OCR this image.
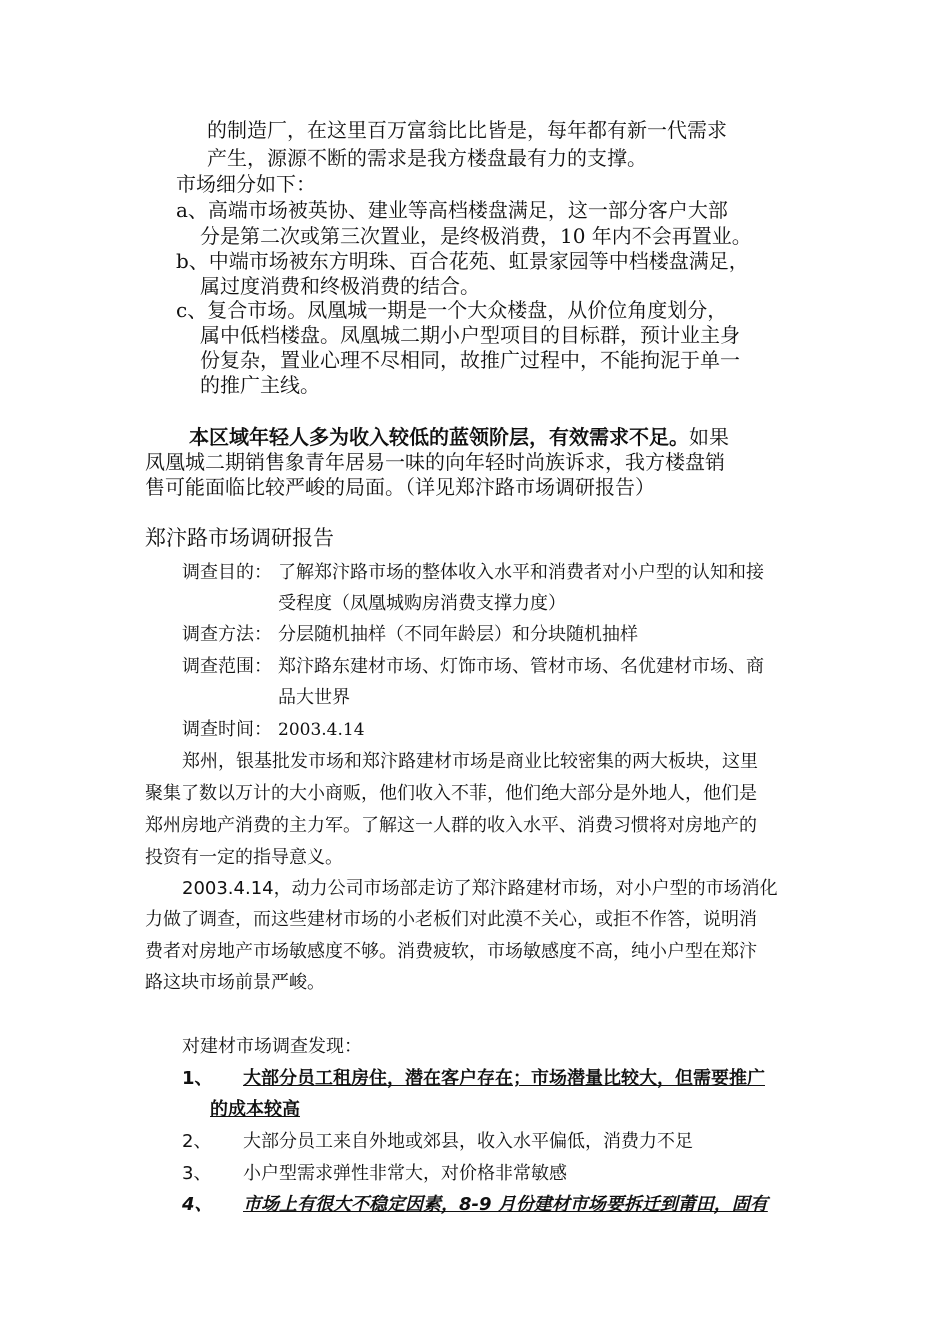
的制造厂，在这里百万富翁比比皆是，每年都有新一代需求
产生，源源不断的需求是我方楼盘最有力的支撑。
市场细分如下：
a、高端市场被英协、建业等高档楼盘满足，这一部分客户大部
分是第二次或第三次置业，是终极消费，10 年内不会再置业。
b、中端市场被东方明珠、百合花苑、虹景家园等中档楼盘满足，
属过度消费和终极消费的结合。
c、复合市场。凤凰城一期是一个大众楼盘，从价位角度划分，
属中低档楼盘。凤凰城二期小户型项目的目标群，预计业主身
份复杂，置业心理不尽相同，故推广过程中，不能拘泥于单一
的推广主线。
本区域年轻人多为收入较低的蓝领阶层，有效需求不足。如果
凤凰城二期销售象青年居易一味的向年轻时尚族诉求，我方楼盘销
售可能面临比较严峻的局面。（详见郑汴路市场调研报告）
郑汴路市场调研报告
调查目的： 了解郑汴路市场的整体收入水平和消费者对小户型的认知和接
受程度（凤凰城购房消费支撑力度）
调查方法： 分层随机抽样（不同年龄层）和分块随机抽样
调查范围： 郑汴路东建材市场、灯饰市场、管材市场、名优建材市场、商
品大世界
调查时间： 2003.4.14
郑州，银基批发市场和郑汴路建材市场是商业比较密集的两大板块，这里
聚集了数以万计的大小商贩，他们收入不菲，他们绝大部分是外地人，他们是
郑州房地产消费的主力军。了解这一人群的收入水平、消费习惯将对房地产的
投资有一定的指导意义。
2003.4.14，动力公司市场部走访了郑汴路建材市场，对小户型的市场消化
力做了调查，而这些建材市场的小老板们对此漠不关心，或拒不作答，说明消
费者对房地产市场敏感度不够。消费疲软，市场敏感度不高，纯小户型在郑汴
路这块市场前景严峻。
对建材市场调查发现：
1、 大部分员工租房住，潜在客户存在；市场潜量比较大，但需要推广
的成本较高
2、 大部分员工来自外地或郊县，收入水平偏低，消费力不足
3、 小户型需求弹性非常大，对价格非常敏感
4、 市场上有很大不稳定因素，8-9 月份建材市场要拆迁到莆田，固有
